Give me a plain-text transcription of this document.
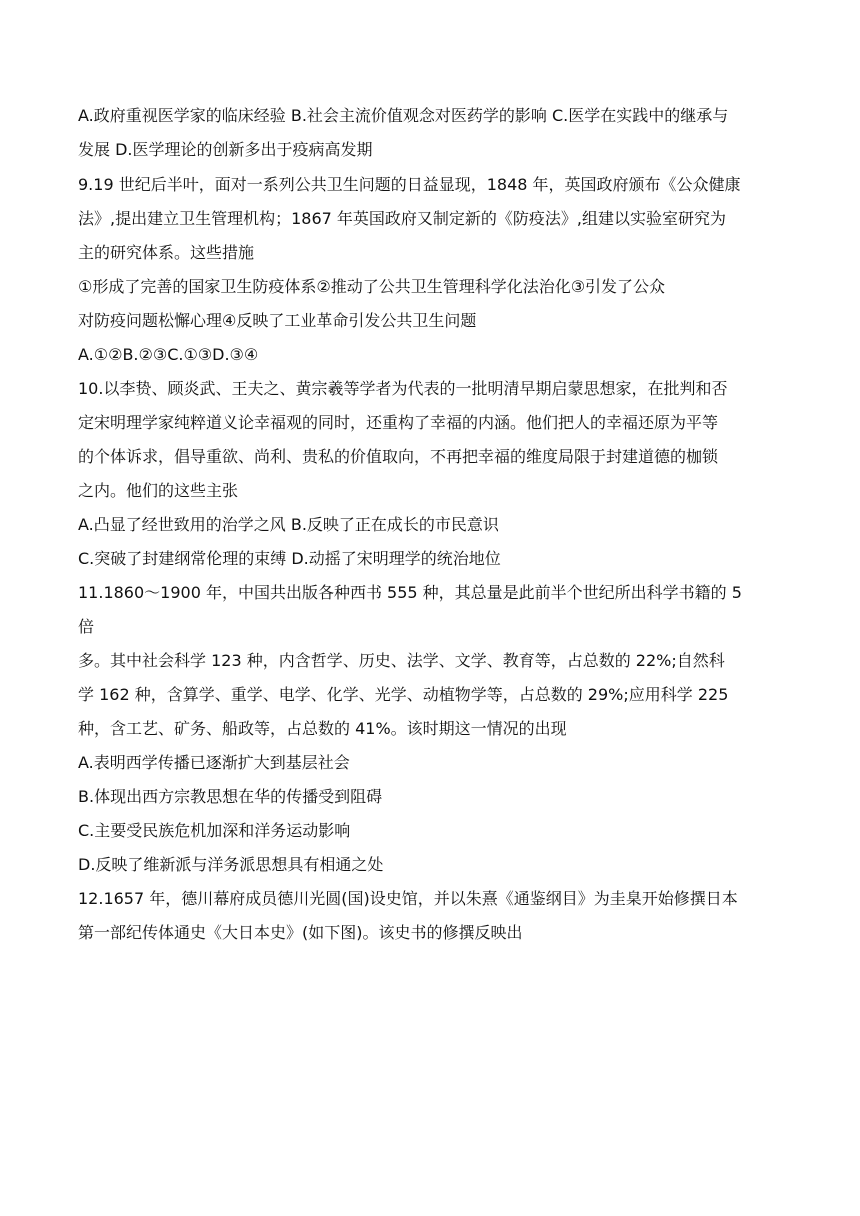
A.政府重视医学家的临床经验 B.社会主流价值观念对医药学的影响 C.医学在实践中的继承与
发展 D.医学理论的创新多出于疫病高发期
9.19 世纪后半叶，面对一系列公共卫生问题的日益显现，1848 年，英国政府颁布《公众健康
法》,提出建立卫生管理机构；1867 年英国政府又制定新的《防疫法》,组建以实验室研究为
主的研究体系。这些措施
①形成了完善的国家卫生防疫体系②推动了公共卫生管理科学化法治化③引发了公众
对防疫问题松懈心理④反映了工业革命引发公共卫生问题
A.①②B.②③C.①③D.③④
10.以李贽、顾炎武、王夫之、黄宗羲等学者为代表的一批明清早期启蒙思想家，在批判和否
定宋明理学家纯粹道义论幸福观的同时，还重构了幸福的内涵。他们把人的幸福还原为平等
的个体诉求，倡导重欲、尚利、贵私的价值取向，不再把幸福的维度局限于封建道德的枷锁
之内。他们的这些主张
A.凸显了经世致用的治学之风 B.反映了正在成长的市民意识
C.突破了封建纲常伦理的束缚 D.动摇了宋明理学的统治地位
11.1860～1900 年，中国共出版各种西书 555 种，其总量是此前半个世纪所出科学书籍的 5
倍
多。其中社会科学 123 种，内含哲学、历史、法学、文学、教育等，占总数的 22%;自然科
学 162 种，含算学、重学、电学、化学、光学、动植物学等，占总数的 29%;应用科学 225
种，含工艺、矿务、船政等，占总数的 41%。该时期这一情况的出现
A.表明西学传播已逐渐扩大到基层社会
B.体现出西方宗教思想在华的传播受到阻碍
C.主要受民族危机加深和洋务运动影响
D.反映了维新派与洋务派思想具有相通之处
12.1657 年，德川幕府成员德川光圆(国)设史馆，并以朱熹《通鉴纲目》为圭臬开始修撰日本
第一部纪传体通史《大日本史》(如下图)。该史书的修撰反映出
